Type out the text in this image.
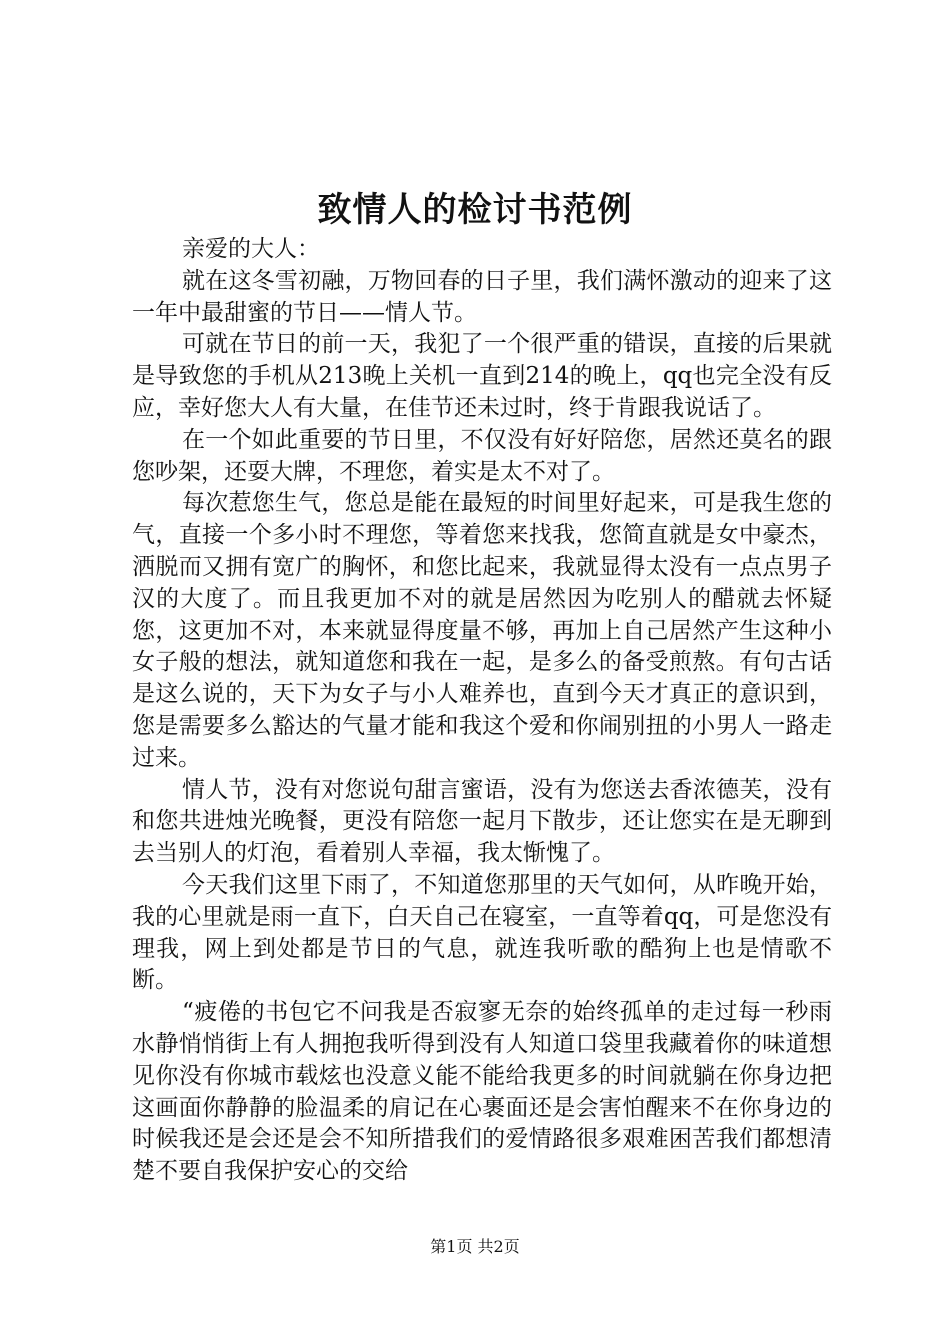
致情人的检讨书范例

亲爱的大人：

就在这冬雪初融，万物回春的日子里，我们满怀激动的迎来了这一年中最甜蜜的节日——情人节。

可就在节日的前一天，我犯了一个很严重的错误，直接的后果就是导致您的手机从213晚上关机一直到214的晚上，qq也完全没有反应，幸好您大人有大量，在佳节还未过时，终于肯跟我说话了。

在一个如此重要的节日里，不仅没有好好陪您，居然还莫名的跟您吵架，还耍大牌，不理您，着实是太不对了。

每次惹您生气，您总是能在最短的时间里好起来，可是我生您的气，直接一个多小时不理您，等着您来找我，您简直就是女中豪杰，洒脱而又拥有宽广的胸怀，和您比起来，我就显得太没有一点点男子汉的大度了。而且我更加不对的就是居然因为吃别人的醋就去怀疑您，这更加不对，本来就显得度量不够，再加上自己居然产生这种小女子般的想法，就知道您和我在一起，是多么的备受煎熬。有句古话是这么说的，天下为女子与小人难养也，直到今天才真正的意识到，您是需要多么豁达的气量才能和我这个爱和你闹别扭的小男人一路走过来。

情人节，没有对您说句甜言蜜语，没有为您送去香浓德芙，没有和您共进烛光晚餐，更没有陪您一起月下散步，还让您实在是无聊到去当别人的灯泡，看着别人幸福，我太惭愧了。

今天我们这里下雨了，不知道您那里的天气如何，从昨晚开始，我的心里就是雨一直下，白天自己在寝室，一直等着qq，可是您没有理我，网上到处都是节日的气息，就连我听歌的酷狗上也是情歌不断。

“疲倦的书包它不问我是否寂寥无奈的始终孤单的走过每一秒雨水静悄悄街上有人拥抱我听得到没有人知道口袋里我藏着你的味道想见你没有你城市载炫也没意义能不能给我更多的时间就躺在你身边把这画面你静静的脸温柔的肩记在心裹面还是会害怕醒来不在你身边的时候我还是会还是会不知所措我们的爱情路很多艰难困苦我们都想清楚不要自我保护安心的交给

第1页 共2页
